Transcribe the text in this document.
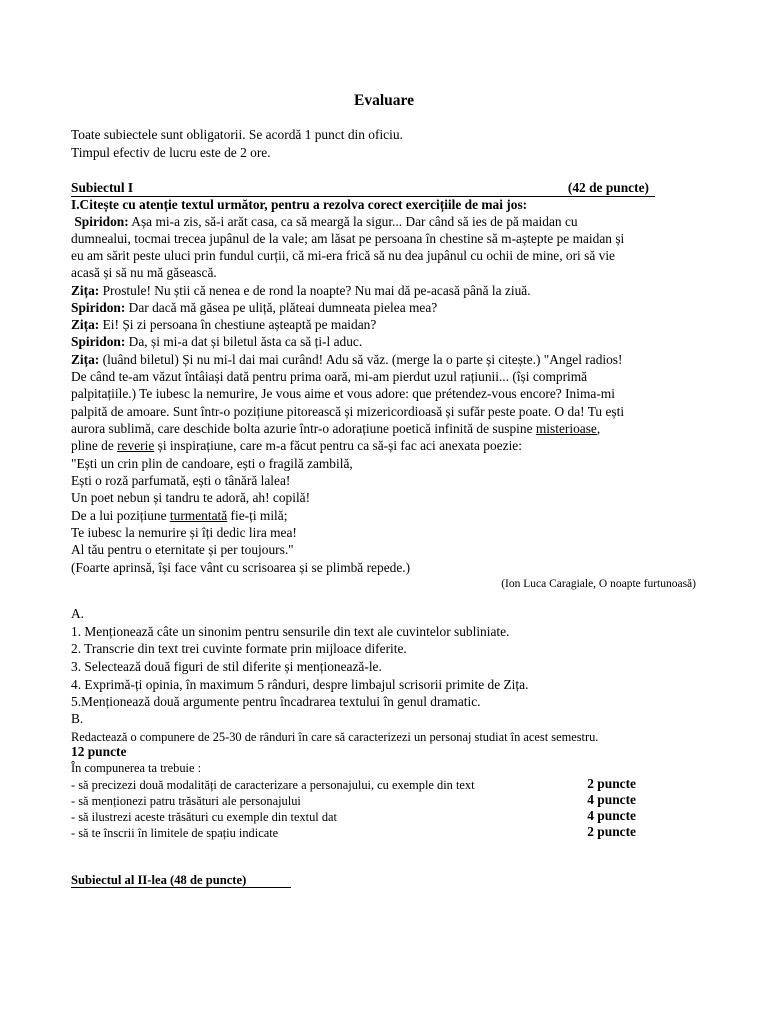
Evaluare
Toate subiectele sunt obligatorii. Se acordă 1 punct din oficiu.
Timpul efectiv de lucru este de 2 ore.
Subiectul I	(42 de puncte)
I.Citește cu atenție textul următor, pentru a rezolva corect exercițiile de mai jos:
Spiridon: Așa mi-a zis, să-i arăt casa, ca să meargă la sigur... Dar când să ies de pă maidan cu
dumnealui, tocmai trecea jupânul de la vale; am lăsat pe persoana în chestine să m-aștepte pe maidan și
eu am sărit peste uluci prin fundul curții, că mi-era frică să nu dea jupânul cu ochii de mine, ori să vie
acasă și să nu mă găsească.
Zița: Prostule! Nu știi că nenea e de rond la noapte? Nu mai dă pe-acasă până la ziuă.
Spiridon: Dar dacă mă găsea pe uliță, plăteai dumneata pielea mea?
Zița: Ei! Și zi persoana în chestiune așteaptă pe maidan?
Spiridon: Da, și mi-a dat și biletul ăsta ca să ți-l aduc.
Zița: (luând biletul) Și nu mi-l dai mai curând! Adu să văz. (merge la o parte și citește.) "Angel radios!
De când te-am văzut întâiași dată pentru prima oară, mi-am pierdut uzul rațiunii... (își comprimă
palpitațiile.) Te iubesc la nemurire, Je vous aime et vous adore: que prétendez-vous encore? Inima-mi
palpită de amoare. Sunt într-o pozițiune pitorească și mizericordioasă și sufăr peste poate. O da! Tu ești
aurora sublimă, care deschide bolta azurie într-o adorațiune poetică infinită de suspine misterioase,
pline de reverie și inspirațiune, care m-a făcut pentru ca să-și fac aci anexata poezie:
"Ești un crin plin de candoare, ești o fragilă zambilă,
Ești o roză parfumată, ești o tânără lalea!
Un poet nebun și tandru te adoră, ah! copilă!
De a lui pozițiune turmentată fie-ți milă;
Te iubesc la nemurire și îți dedic lira mea!
Al tău pentru o eternitate și per toujours."
(Foarte aprinsă, își face vânt cu scrisoarea și se plimbă repede.)
(Ion Luca Caragiale, O noapte furtunoasă)
A.
1. Menționează câte un sinonim pentru sensurile din text ale cuvintelor subliniate.
2. Transcrie din text trei cuvinte formate prin mijloace diferite.
3. Selectează două figuri de stil diferite și menționează-le.
4. Exprimă-ți opinia, în maximum 5 rânduri, despre limbajul scrisorii primite de Zița.
5.Menționează două argumente pentru încadrarea textului în genul dramatic.
B.
Redactează o compunere de 25-30 de rânduri în care să caracterizezi un personaj studiat în acest semestru.
12 puncte
În compunerea ta trebuie :
- să precizezi două modalități de caracterizare a personajului, cu exemple din text	2 puncte
- să menționezi patru trăsături ale personajului	4 puncte
- să ilustrezi aceste trăsături cu exemple din textul dat	4 puncte
- să te înscrii în limitele de spațiu indicate	2 puncte
Subiectul al II-lea (48 de puncte)
